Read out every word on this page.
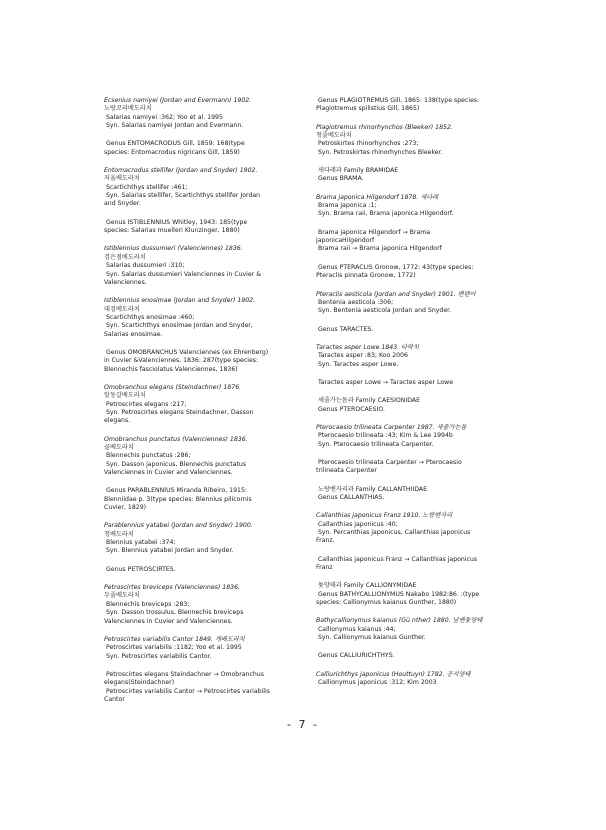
Ecsenius namiyei (Jordan and Evermann) 1902.
노랑꼬리베도라치
Salarias namiyei :362; Yoo et al. 1995
Syn. Salarias namiyei Jordan and Evermann.
Genus ENTOMACRODUS Gill, 1859: 168(type
species: Entomacrodus nigricans Gill, 1859)
Entomacrodus stellifer (Jordan and Snyder) 1902.
저울베도라치
Scartichthys stellifer :461;
Syn. Salarias stellifer, Scartichthys stellifer Jordan
and Snyder.
Genus ISTIBLENNIUS Whitley, 1943: 185(type
species: Salarias muelleri Klunzinger, 1880)
Istiblennius dussumieri (Valenciennes) 1836.
검은점베도라치
Salarias dussumieri :310;
Syn. Salarias dussumieri Valenciennes in Cuvier &
Valenciennes.
Istiblennius enosimae (Jordan and Snyder) 1902.
대검베도라치
Scartichthys enosimae :460;
Syn. Scartichthys enosimae Jordan and Snyder,
Salarias enosimae.
Genus OMOBRANCHUS Valenciennes (ex Ehrenberg)
in Cuvier &Valenciennes, 1836: 287(type species:
Blennechis fasciolatus Valenciennes, 1836)
Omobranchus elegans (Steindachner) 1876.
앞동갈베도라치
Petroscirtes elegans :217;
Syn. Petroscirtes elegans Steindachner, Dasson
elegans.
Omobranchus punctatus (Valenciennes) 1836.
골베도라치
Blennechis punctatus :286;
Syn. Dasson japonicus, Blennechis punctatus
Valenciennes in Cuvier and Valenciennes.
Genus PARABLENNIUS Miranda Ribeiro, 1915:
Blenniidae p. 3(type species: Blennius pilicornis
Cuvier, 1829)
Parablennius yatabei (Jordan and Snyder) 1900.
청베도라치
Blennius yatabei :374;
Syn. Blennius yatabei Jordan and Snyder.
Genus PETROSCIRTES.
Petroscirtes breviceps (Valenciennes) 1836.
두줄베도라치
Blennechis breviceps :283;
Syn. Dasson trossulus, Blennechis breviceps
Valenciennes in Cuvier and Valenciennes.
Petroscirtes variabilis Cantor 1849. 개베도라치
Petroscirtes variabilis :1182; Yoo et al. 1995
Syn. Petroscirtes variabilis Cantor.
Petroscirtes elegans Steindachner → Omobranchus
elegans(Steindachner)
Petroscirtes variabilis Cantor → Petroscirtes variabilis
Cantor
Genus PLAGIOTREMUS Gill, 1865: 138(type species:
Plagiotremus spilistius Gill, 1865)
Plagiotremus rhinorhynchos (Bleeker) 1852.
청줄베도라치
Petroskirtes rhinorhynchos :273;
Syn. Petroskirtes rhinorhynchos Bleeker.
새다래과 Family BRAMIDAE
Genus BRAMA.
Brama japonica Hilgendorf 1878. 새다래
Brama japonica :1;
Syn. Brama raii, Brama japonica Hilgendorf.
Brama japonica Hilgendorf → Brama
japonicaHilgendorf
Brama raii → Brama japonica Hilgendorf
Genus PTERACLIS Gronow, 1772: 43(type species:
Pteraclis pinnata Gronow, 1772)
Pteraclis aesticola (Jordan and Snyder) 1901. 벤텐어
Bentenia aesticola :306;
Syn. Bentenia aesticola Jordan and Snyder.
Genus TARACTES.
Taractes asper Lowe 1843. 타락치
Taractes asper :83; Koo 2006
Syn. Taractes asper Lowe.
Taractes asper Lowe → Taractes asper Lowe
세줄가는돔과 Family CAESIONIDAE
Genus PTEROCAESIO.
Pterocaesio trilineata Carpenter 1987. 세줄가는돔
Pterocaesio trilineata :43; Kim & Lee 1994b
Syn. Pterocaesio trilineata Carpenter.
Pterocaesio trilineata Carpenter → Pterocaesio
trilineata Carpenter
노랑벤자리과 Family CALLANTHIIDAE
Genus CALLANTHIAS.
Callanthias japonicus Franz 1910. 노랑벤자리
Callanthias japonicus :40;
Syn. Percanthias japonicus, Callanthias japonicus
Franz.
Callanthias japonicus Franz → Callanthias japonicus
Franz
돛양태과 Family CALLIONYMIDAE
Genus BATHYCALLIONYMUS Nakabo 1982:86. :(type
species: Callionymus kaianus Gunther, 1880)
Bathycallionymus kaianus (Gü nther) 1880. 날쌘돛양태
Callionymus kaianus :44;
Syn. Callionymus kaianus Gunther.
Genus CALLIURICHTHYS.
Calliurichthys japonicus (Houttuyn) 1782. 공지양태
Callionymus japonicus :312; Kim 2003
- 7 -
